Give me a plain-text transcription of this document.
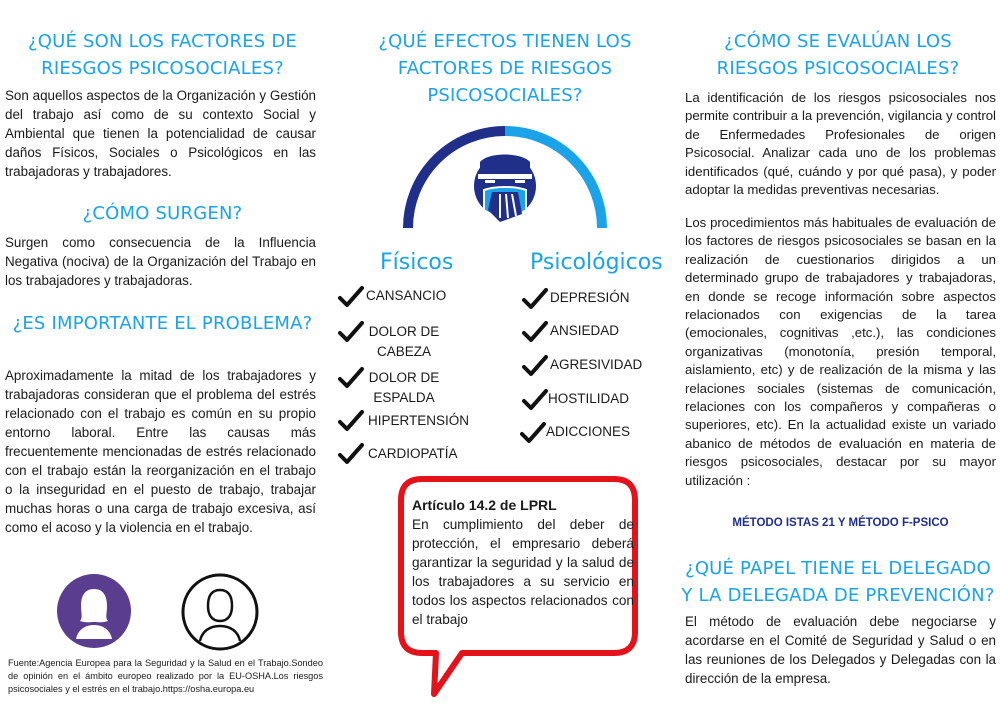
¿QUÉ SON LOS FACTORES DE RIESGOS PSICOSOCIALES?
Son aquellos aspectos de la Organización y Gestión del trabajo así como de su contexto Social y Ambiental que tienen la potencialidad de causar daños Físicos, Sociales o Psicológicos en las trabajadoras y trabajadores.
¿CÓMO SURGEN?
Surgen como consecuencia de la Influencia Negativa (nociva) de la Organización del Trabajo en los trabajadores y trabajadoras.
¿ES IMPORTANTE EL PROBLEMA?
Aproximadamente la mitad de los trabajadores y trabajadoras consideran que el problema del estrés relacionado con el trabajo es común en su propio entorno laboral. Entre las causas más frecuentemente mencionadas de estrés relacionado con el trabajo están la reorganización en el trabajo o la inseguridad en el puesto de trabajo, trabajar muchas horas o una carga de trabajo excesiva, así como el acoso y la violencia en el trabajo.
Fuente:Agencia Europea para la Seguridad y la Salud en el Trabajo.Sondeo de opinión en el ámbito europeo realizado por la EU-OSHA.Los riesgos psicosociales y el estrés en el trabajo.https://osha.europa.eu
¿QUÉ EFECTOS TIENEN LOS FACTORES DE RIESGOS PSICOSOCIALES?
Físicos	Psicológicos
CANSANCIO
DOLOR DE CABEZA
DOLOR DE ESPALDA
HIPERTENSIÓN
CARDIOPATÍA
DEPRESIÓN
ANSIEDAD
AGRESIVIDAD
HOSTILIDAD
ADICCIONES
Artículo 14.2 de LPRL
En cumplimiento del deber de protección, el empresario deberá garantizar la seguridad y la salud de los trabajadores a su servicio en todos los aspectos relacionados con el trabajo
¿CÓMO SE EVALÚAN LOS RIESGOS PSICOSOCIALES?
La identificación de los riesgos psicosociales nos permite contribuir a la prevención, vigilancia y control de Enfermedades Profesionales de origen Psicosocial. Analizar cada uno de los problemas identificados (qué, cuándo y por qué pasa), y poder adoptar la medidas preventivas necesarias.
Los procedimientos más habituales de evaluación de los factores de riesgos psicosociales se basan en la realización de cuestionarios dirigidos a un determinado grupo de trabajadores y trabajadoras, en donde se recoge información sobre aspectos relacionados con exigencias de la tarea (emocionales, cognitivas ,etc.), las condiciones organizativas (monotonía, presión temporal, aislamiento, etc) y de realización de la misma y las relaciones sociales (sistemas de comunicación, relaciones con los compañeros y compañeras o superiores, etc). En la actualidad existe un variado abanico de métodos de evaluación en materia de riesgos psicosociales, destacar por su mayor utilización :
MÉTODO ISTAS 21 Y MÉTODO F-PSICO
¿QUÉ PAPEL TIENE EL DELEGADO Y LA DELEGADA DE PREVENCIÓN?
El método de evaluación debe negociarse y acordarse en el Comité de Seguridad y Salud o en las reuniones de los Delegados y Delegadas con la dirección de la empresa.
